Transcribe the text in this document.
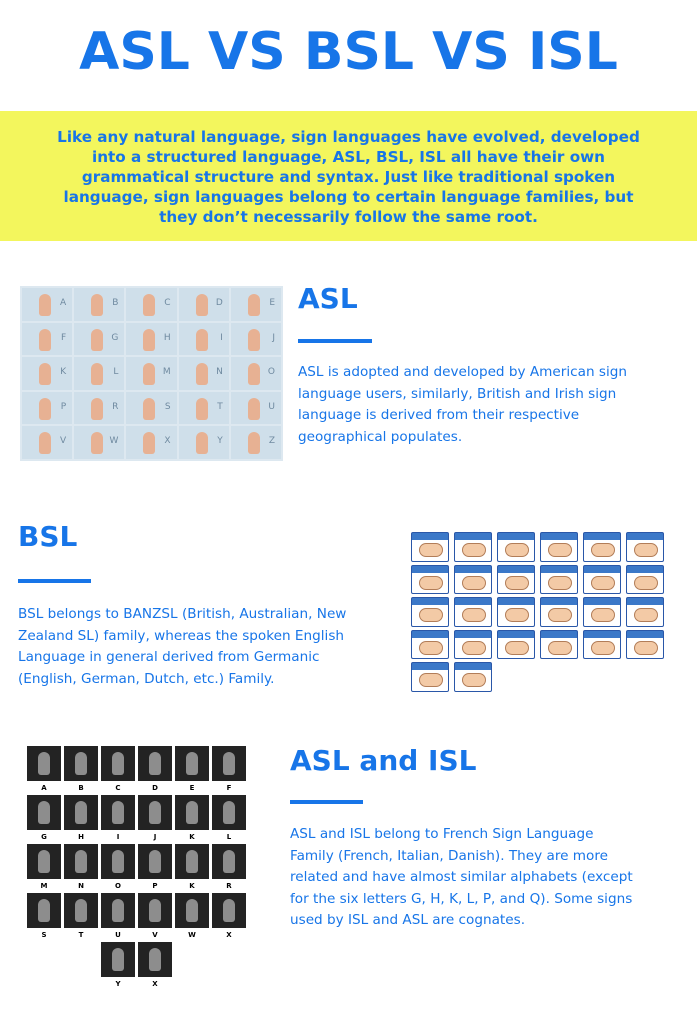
ASL VS BSL VS ISL
Like any natural language, sign languages have evolved, developed
into a structured language, ASL, BSL, ISL all have their own
grammatical structure and syntax. Just like traditional spoken
language, sign languages belong to certain language families, but
they don’t necessarily follow the same root.
A	B	C	D	E
F	G	H	I	J
K	L	M	N	O
P	R	S	T	U
V	W	X	Y	Z
ASL
ASL is adopted and developed by American sign
language users, similarly, British and Irish sign
language is derived from their respective
geographical populates.
BSL
BSL belongs to BANZSL (British, Australian, New
Zealand SL) family, whereas the spoken English
Language in general derived from Germanic
(English, German, Dutch, etc.) Family.
A	B	C	D	E	F
G	H	I	J	K	L
M	N	O	P	K	R
S	T	U	V	W	X
Y	X
ASL and ISL
ASL and ISL belong to French Sign Language
Family (French, Italian, Danish). They are more
related and have almost similar alphabets (except
for the six letters G, H, K, L, P, and Q). Some signs
used by ISL and ASL are cognates.
